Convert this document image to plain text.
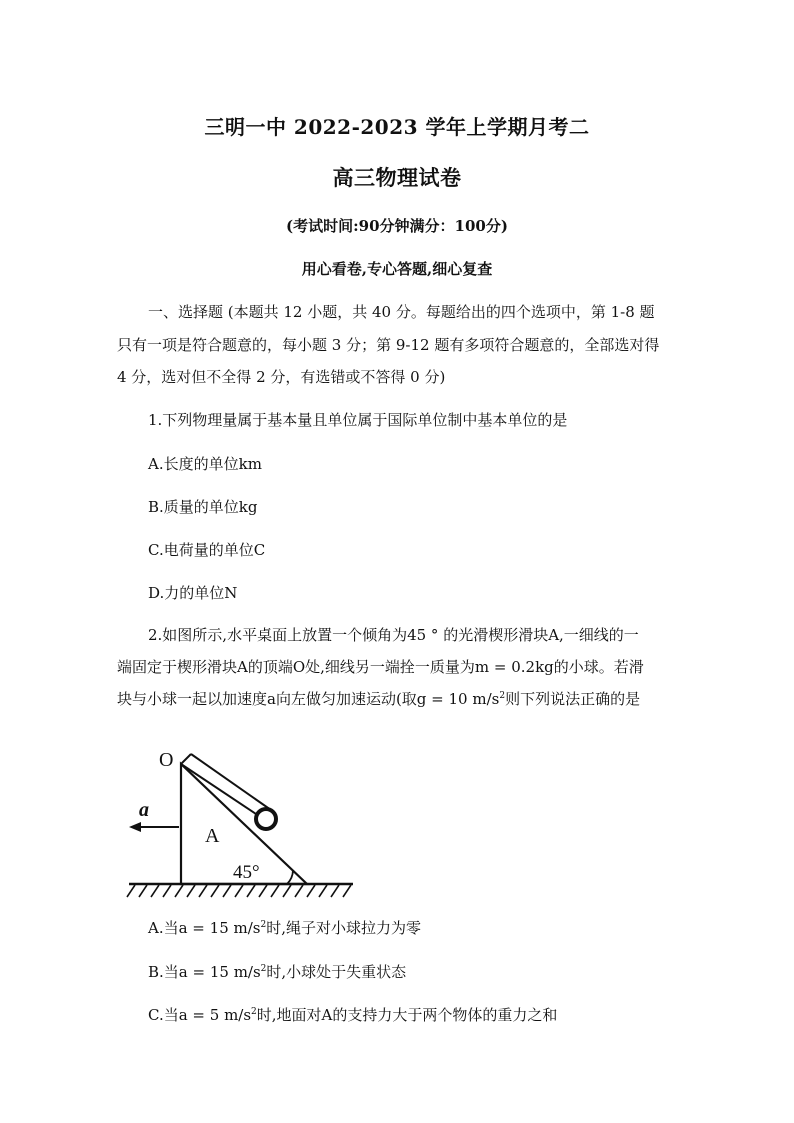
三明一中 2022-2023 学年上学期月考二
高三物理试卷
(考试时间:90分钟满分：100分)
用心看卷,专心答题,细心复查
一、选择题 (本题共 12 小题，共 40 分。每题给出的四个选项中，第 1-8 题
只有一项是符合题意的，每小题 3 分；第 9-12 题有多项符合题意的，全部选对得
4 分，选对但不全得 2 分，有选错或不答得 0 分)
1.下列物理量属于基本量且单位属于国际单位制中基本单位的是
A.长度的单位km
B.质量的单位kg
C.电荷量的单位C
D.力的单位N
2.如图所示,水平桌面上放置一个倾角为45 ° 的光滑楔形滑块A,一细线的一
端固定于楔形滑块A的顶端O处,细线另一端拴一质量为m = 0.2kg的小球。若滑
块与小球一起以加速度a向左做匀加速运动(取g = 10 $m/s^2$则下列说法正确的是
O
a
A
45°
A.当a = 15 $m/s^2$时,绳子对小球拉力为零
B.当a = 15 $m/s^2$时,小球处于失重状态
C.当a = 5 $m/s^2$时,地面对A的支持力大于两个物体的重力之和
